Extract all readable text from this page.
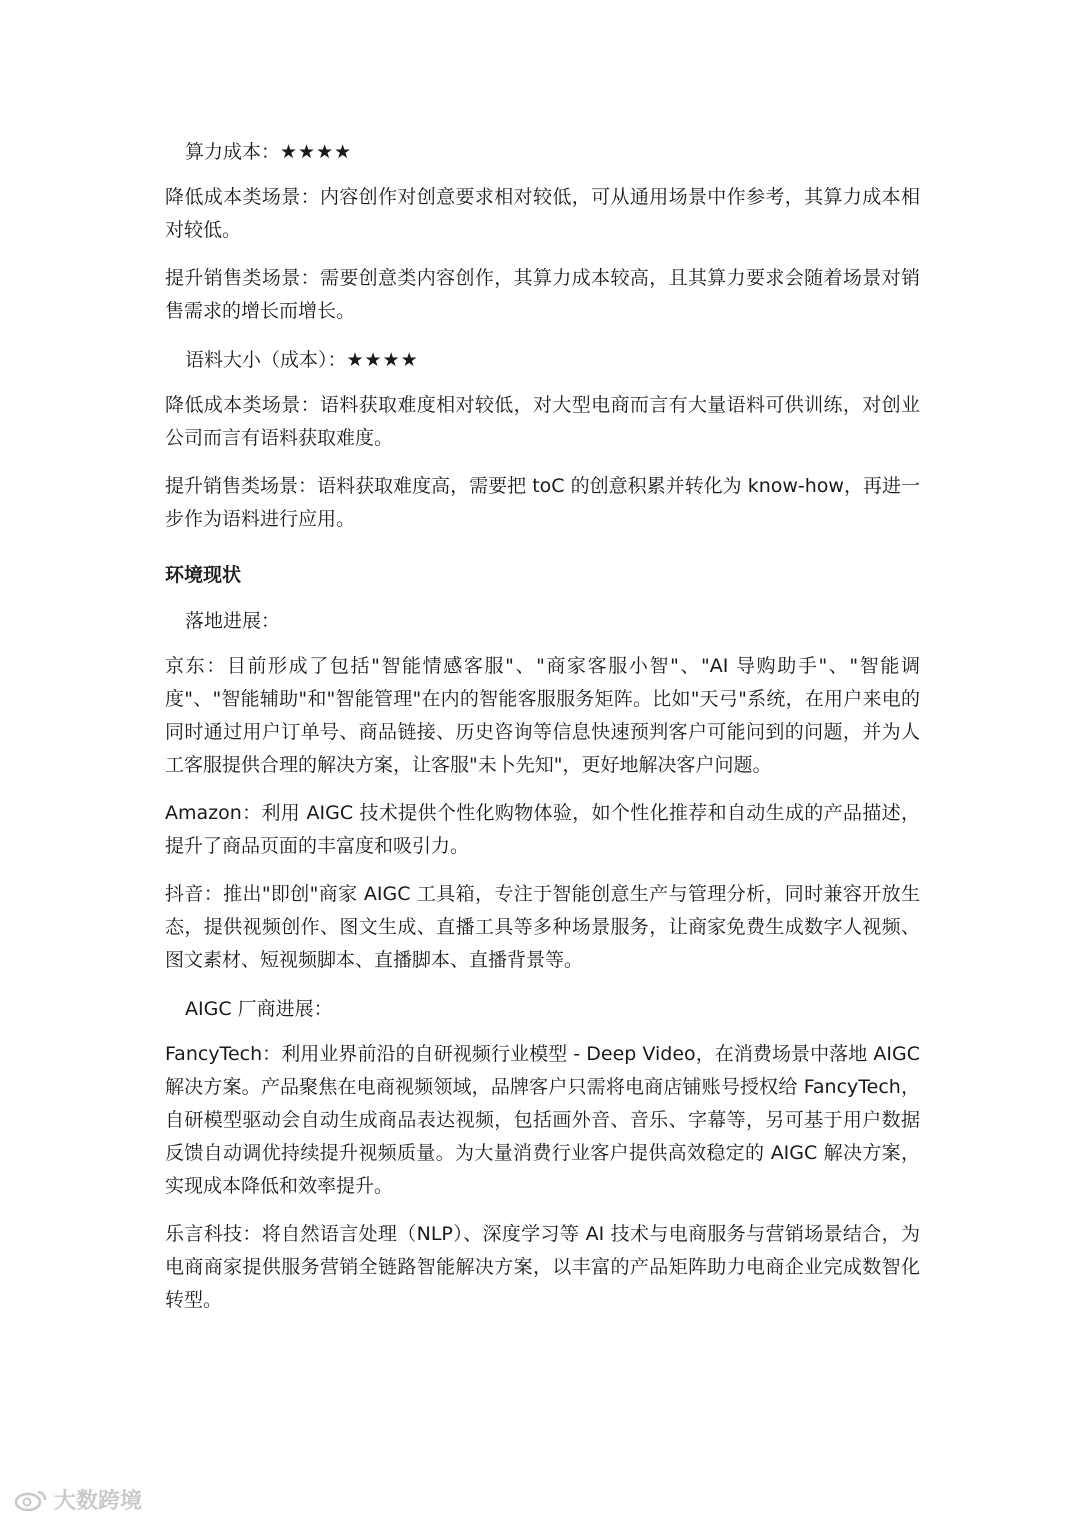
算力成本：★★★★

降低成本类场景：内容创作对创意要求相对较低，可从通用场景中作参考，其算力成本相对较低。

提升销售类场景：需要创意类内容创作，其算力成本较高，且其算力要求会随着场景对销售需求的增长而增长。

语料大小（成本）：★★★★

降低成本类场景：语料获取难度相对较低，对大型电商而言有大量语料可供训练，对创业公司而言有语料获取难度。

提升销售类场景：语料获取难度高，需要把 toC 的创意积累并转化为 know-how，再进一步作为语料进行应用。

环境现状
落地进展：

京东：目前形成了包括"智能情感客服"、"商家客服小智"、"AI 导购助手"、"智能调度"、"智能辅助"和"智能管理"在内的智能客服服务矩阵。比如"天弓"系统，在用户来电的同时通过用户订单号、商品链接、历史咨询等信息快速预判客户可能问到的问题，并为人工客服提供合理的解决方案，让客服"未卜先知"，更好地解决客户问题。

Amazon：利用 AIGC 技术提供个性化购物体验，如个性化推荐和自动生成的产品描述，提升了商品页面的丰富度和吸引力。

抖音：推出"即创"商家 AIGC 工具箱，专注于智能创意生产与管理分析，同时兼容开放生态，提供视频创作、图文生成、直播工具等多种场景服务，让商家免费生成数字人视频、图文素材、短视频脚本、直播脚本、直播背景等。

AIGC 厂商进展：

FancyTech：利用业界前沿的自研视频行业模型 - Deep Video，在消费场景中落地 AIGC 解决方案。产品聚焦在电商视频领域，品牌客户只需将电商店铺账号授权给 FancyTech，自研模型驱动会自动生成商品表达视频，包括画外音、音乐、字幕等，另可基于用户数据反馈自动调优持续提升视频质量。为大量消费行业客户提供高效稳定的 AIGC 解决方案，实现成本降低和效率提升。

乐言科技：将自然语言处理（NLP）、深度学习等 AI 技术与电商服务与营销场景结合，为电商商家提供服务营销全链路智能解决方案，以丰富的产品矩阵助力电商企业完成数智化转型。

大数跨境
